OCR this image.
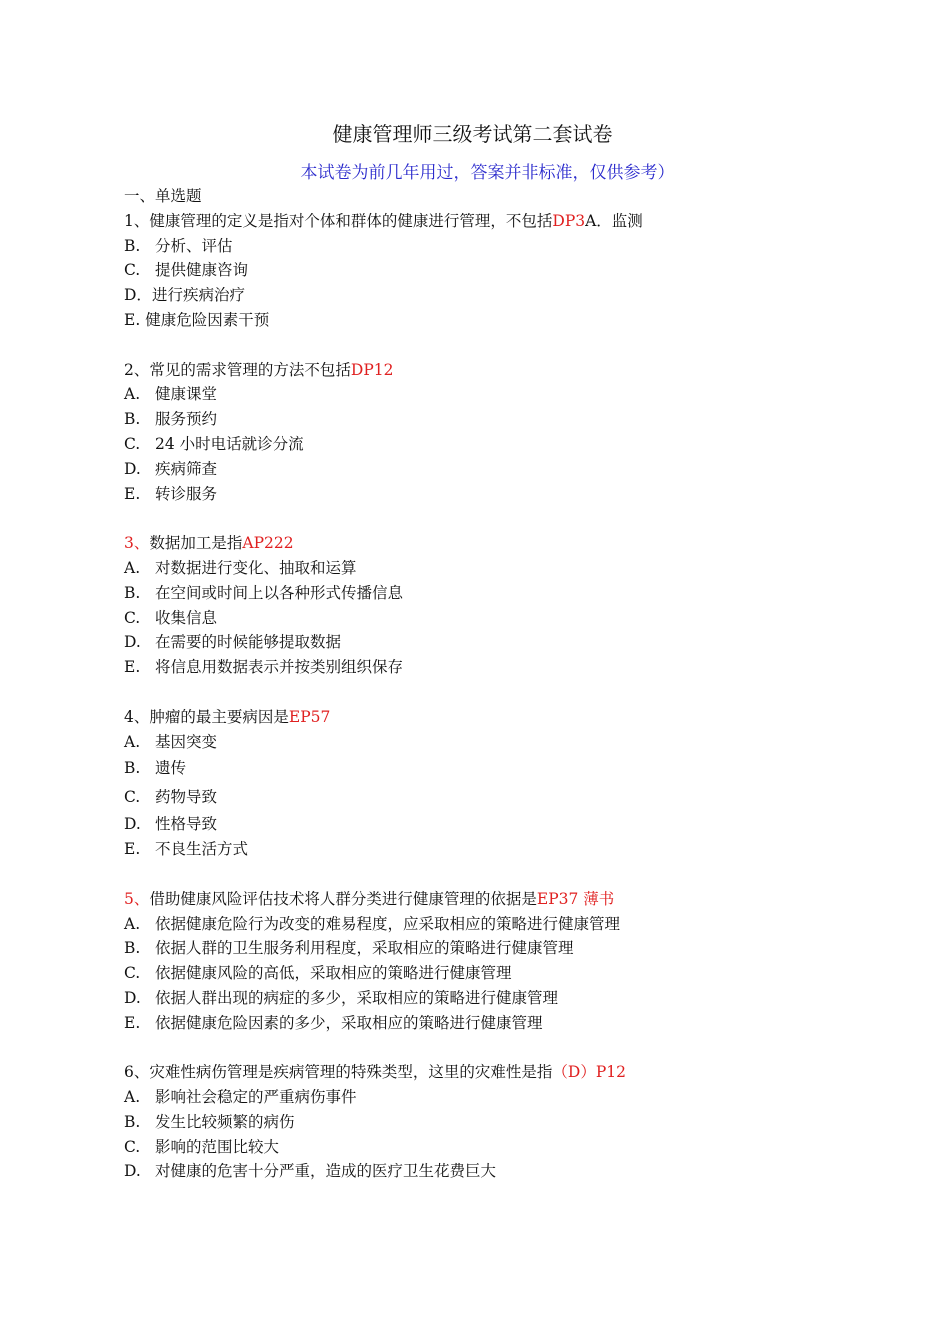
健康管理师三级考试第二套试卷
本试卷为前几年用过，答案并非标准，仅供参考）
一、单选题
1、健康管理的定义是指对个体和群体的健康进行管理，不包括DP3A．监测
B. 分析、评估
C. 提供健康咨询
D．进行疾病治疗
E. 健康危险因素干预
2、常见的需求管理的方法不包括DP12
A. 健康课堂
B. 服务预约
C. 24 小时电话就诊分流
D. 疾病筛查
E. 转诊服务
3、数据加工是指AP222
A. 对数据进行变化、抽取和运算
B. 在空间或时间上以各种形式传播信息
C. 收集信息
D. 在需要的时候能够提取数据
E. 将信息用数据表示并按类别组织保存
4、肿瘤的最主要病因是EP57
A. 基因突变
B. 遗传
C. 药物导致
D. 性格导致
E. 不良生活方式
5、借助健康风险评估技术将人群分类进行健康管理的依据是EP37 薄书
A. 依据健康危险行为改变的难易程度，应采取相应的策略进行健康管理
B. 依据人群的卫生服务利用程度，采取相应的策略进行健康管理
C. 依据健康风险的高低，采取相应的策略进行健康管理
D. 依据人群出现的病症的多少，采取相应的策略进行健康管理
E. 依据健康危险因素的多少，采取相应的策略进行健康管理
6、灾难性病伤管理是疾病管理的特殊类型，这里的灾难性是指（D）P12
A. 影响社会稳定的严重病伤事件
B. 发生比较频繁的病伤
C. 影响的范围比较大
D. 对健康的危害十分严重，造成的医疗卫生花费巨大
